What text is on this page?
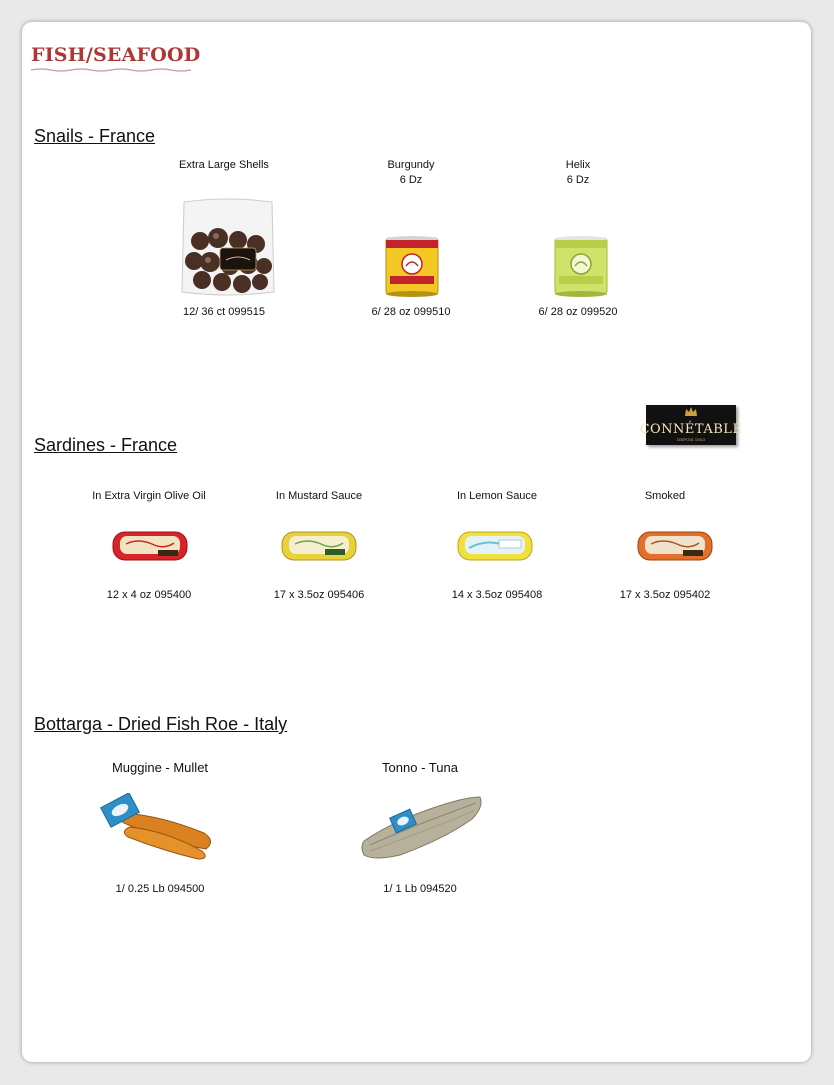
FISH/SEAFOOD
Snails - France
Extra Large Shells
12/ 36 ct 099515
Burgundy
6 Dz
6/ 28 oz 099510
Helix
6 Dz
6/ 28 oz 099520
Sardines - France
CONNÉTABLE
DEPUIS 1853
In Extra Virgin Olive Oil
12 x 4 oz 095400
In Mustard Sauce
17 x 3.5oz 095406
In Lemon Sauce
14 x 3.5oz 095408
Smoked
17 x 3.5oz 095402
Bottarga - Dried Fish Roe - Italy
Muggine - Mullet
1/ 0.25 Lb 094500
Tonno - Tuna
1/ 1 Lb 094520
